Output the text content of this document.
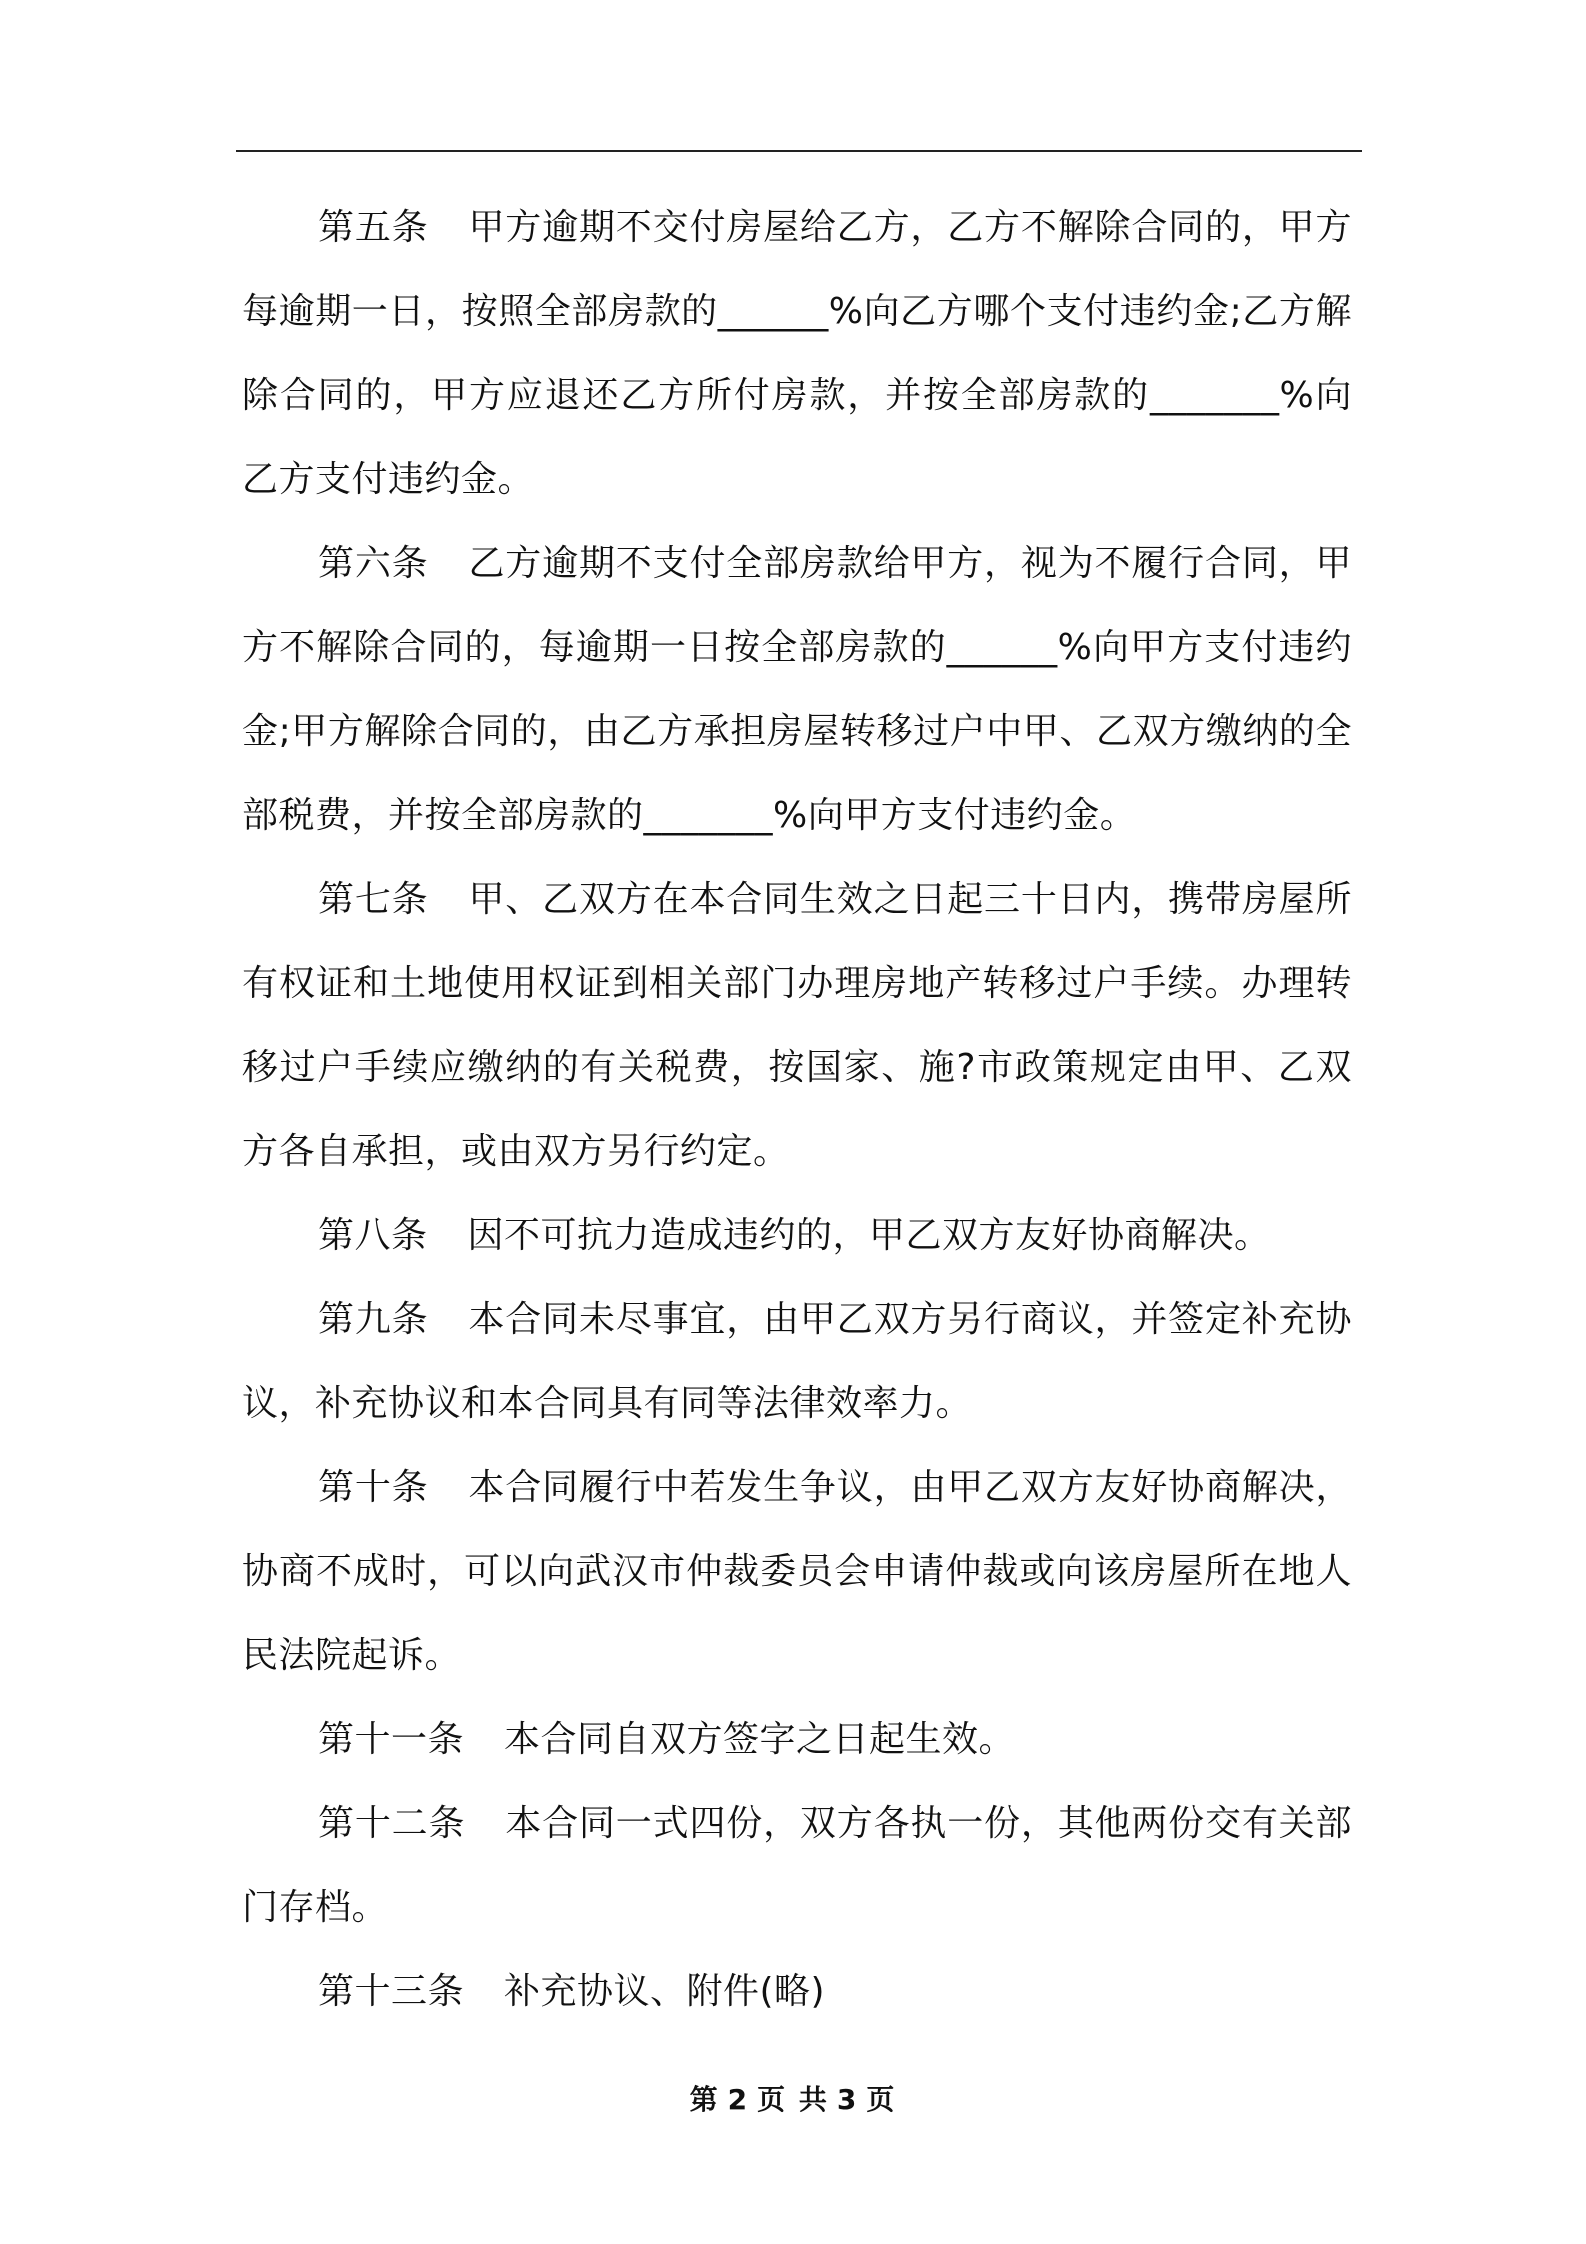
第五条 甲方逾期不交付房屋给乙方，乙方不解除合同的，甲方每逾期一日，按照全部房款的______%向乙方哪个支付违约金;乙方解除合同的，甲方应退还乙方所付房款，并按全部房款的_______%向乙方支付违约金。

第六条 乙方逾期不支付全部房款给甲方，视为不履行合同，甲方不解除合同的，每逾期一日按全部房款的______%向甲方支付违约金;甲方解除合同的，由乙方承担房屋转移过户中甲、乙双方缴纳的全部税费，并按全部房款的_______%向甲方支付违约金。

第七条 甲、乙双方在本合同生效之日起三十日内，携带房屋所有权证和土地使用权证到相关部门办理房地产转移过户手续。办理转移过户手续应缴纳的有关税费，按国家、施?市政策规定由甲、乙双方各自承担，或由双方另行约定。

第八条 因不可抗力造成违约的，甲乙双方友好协商解决。

第九条 本合同未尽事宜，由甲乙双方另行商议，并签定补充协议，补充协议和本合同具有同等法律效率力。

第十条 本合同履行中若发生争议，由甲乙双方友好协商解决，协商不成时，可以向武汉市仲裁委员会申请仲裁或向该房屋所在地人民法院起诉。

第十一条 本合同自双方签字之日起生效。

第十二条 本合同一式四份，双方各执一份，其他两份交有关部门存档。

第十三条 补充协议、附件(略)

第 2 页 共 3 页
